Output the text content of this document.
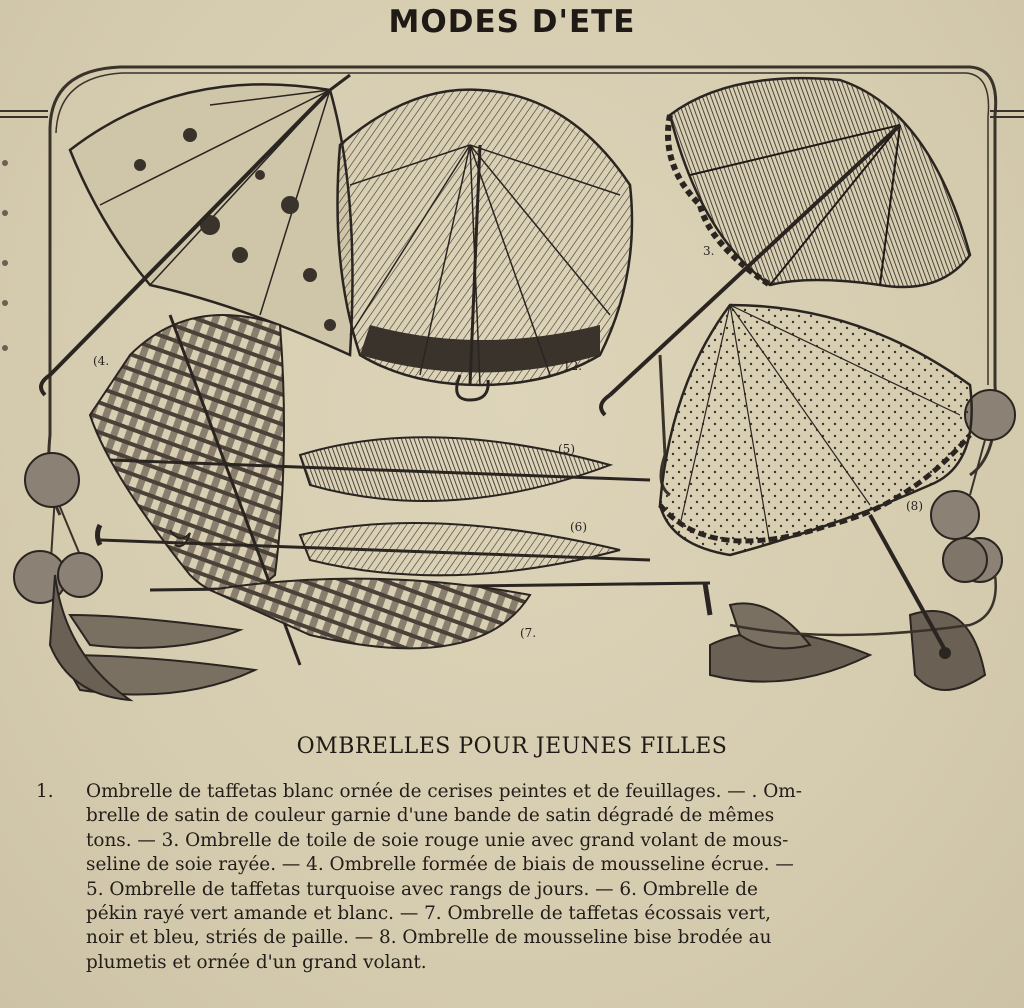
MODES D'ETE
(4.	12.
3.
(5)
(6)
(7.
(8)
OMBRELLES POUR JEUNES FILLES
1. Ombrelle de taffetas blanc ornée de cerises peintes et de feuillages. — . Om-
brelle de satin de couleur garnie d'une bande de satin dégradé de mêmes
tons. — 3. Ombrelle de toile de soie rouge unie avec grand volant de mous-
seline de soie rayée. — 4. Ombrelle formée de biais de mousseline écrue. —
5. Ombrelle de taffetas turquoise avec rangs de jours. — 6. Ombrelle de
pékin rayé vert amande et blanc. — 7. Ombrelle de taffetas écossais vert,
noir et bleu, striés de paille. — 8. Ombrelle de mousseline bise brodée au
plumetis et ornée d'un grand volant.
